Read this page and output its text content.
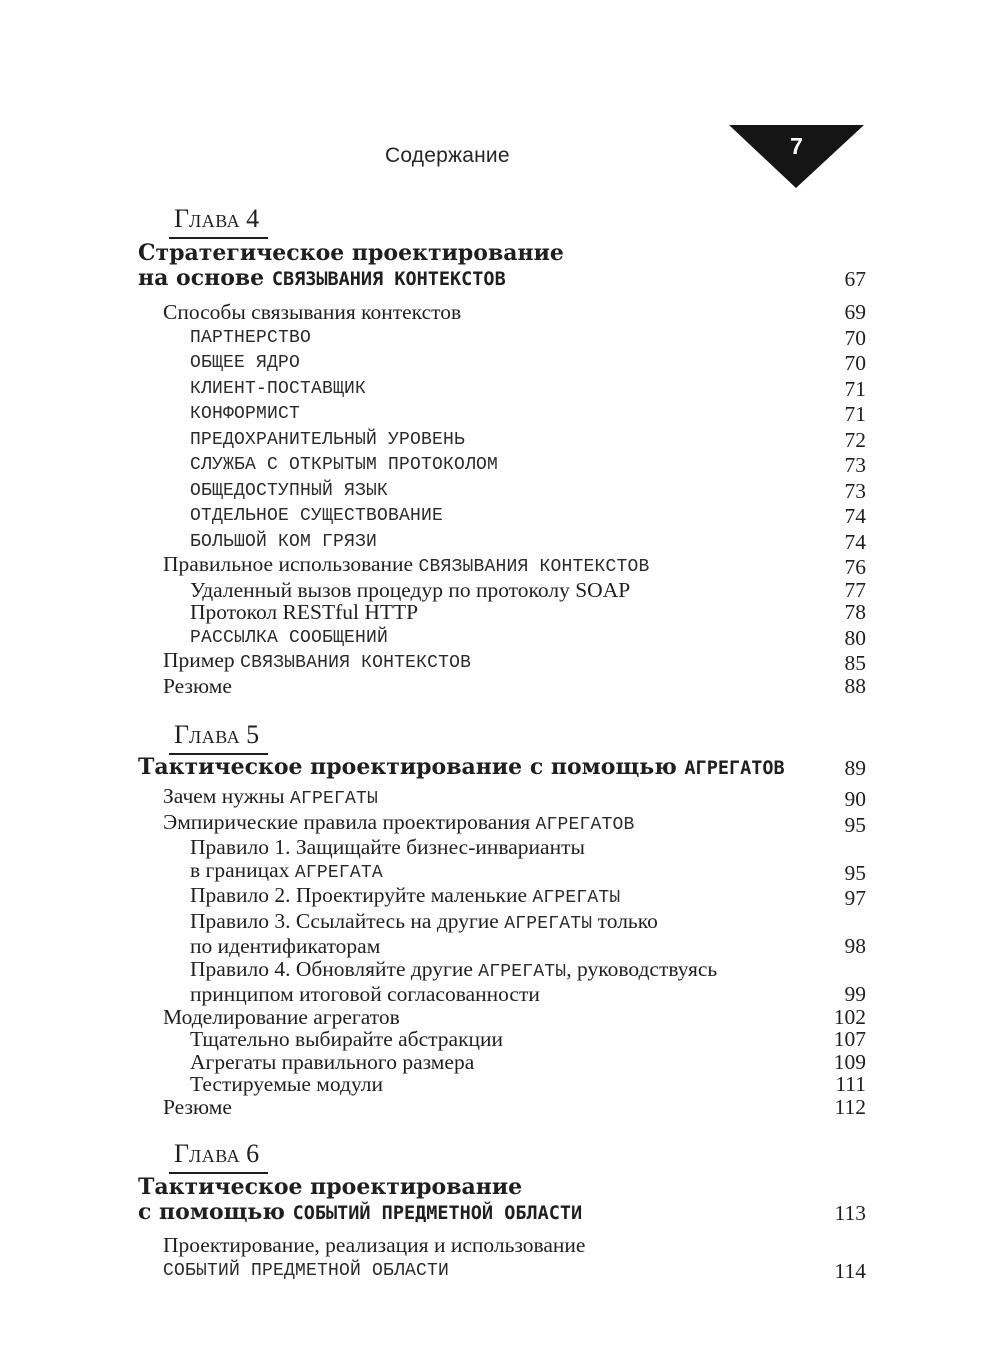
Содержание	7
ГЛАВА 4
Стратегическое проектирование
на основе СВЯЗЫВАНИЯ КОНТЕКСТОВ	67
Способы связывания контекстов	69
ПАРТНЕРСТВО	70
ОБЩЕЕ ЯДРО	70
КЛИЕНТ-ПОСТАВЩИК	71
КОНФОРМИСТ	71
ПРЕДОХРАНИТЕЛЬНЫЙ УРОВЕНЬ	72
СЛУЖБА С ОТКРЫТЫМ ПРОТОКОЛОМ	73
ОБЩЕДОСТУПНЫЙ ЯЗЫК	73
ОТДЕЛЬНОЕ СУЩЕСТВОВАНИЕ	74
БОЛЬШОЙ КОМ ГРЯЗИ	74
Правильное использование СВЯЗЫВАНИЯ КОНТЕКСТОВ	76
Удаленный вызов процедур по протоколу SOAP	77
Протокол RESTful HTTP	78
РАССЫЛКА СООБЩЕНИЙ	80
Пример СВЯЗЫВАНИЯ КОНТЕКСТОВ	85
Резюме	88
ГЛАВА 5
Тактическое проектирование с помощью АГРЕГАТОВ	89
Зачем нужны АГРЕГАТЫ	90
Эмпирические правила проектирования АГРЕГАТОВ	95
Правило 1. Защищайте бизнес-инварианты
в границах АГРЕГАТА	95
Правило 2. Проектируйте маленькие АГРЕГАТЫ	97
Правило 3. Ссылайтесь на другие АГРЕГАТЫ только
по идентификаторам	98
Правило 4. Обновляйте другие АГРЕГАТЫ, руководствуясь
принципом итоговой согласованности	99
Моделирование агрегатов	102
Тщательно выбирайте абстракции	107
Агрегаты правильного размера	109
Тестируемые модули	111
Резюме	112
ГЛАВА 6
Тактическое проектирование
с помощью СОБЫТИЙ ПРЕДМЕТНОЙ ОБЛАСТИ	113
Проектирование, реализация и использование
СОБЫТИЙ ПРЕДМЕТНОЙ ОБЛАСТИ	114
